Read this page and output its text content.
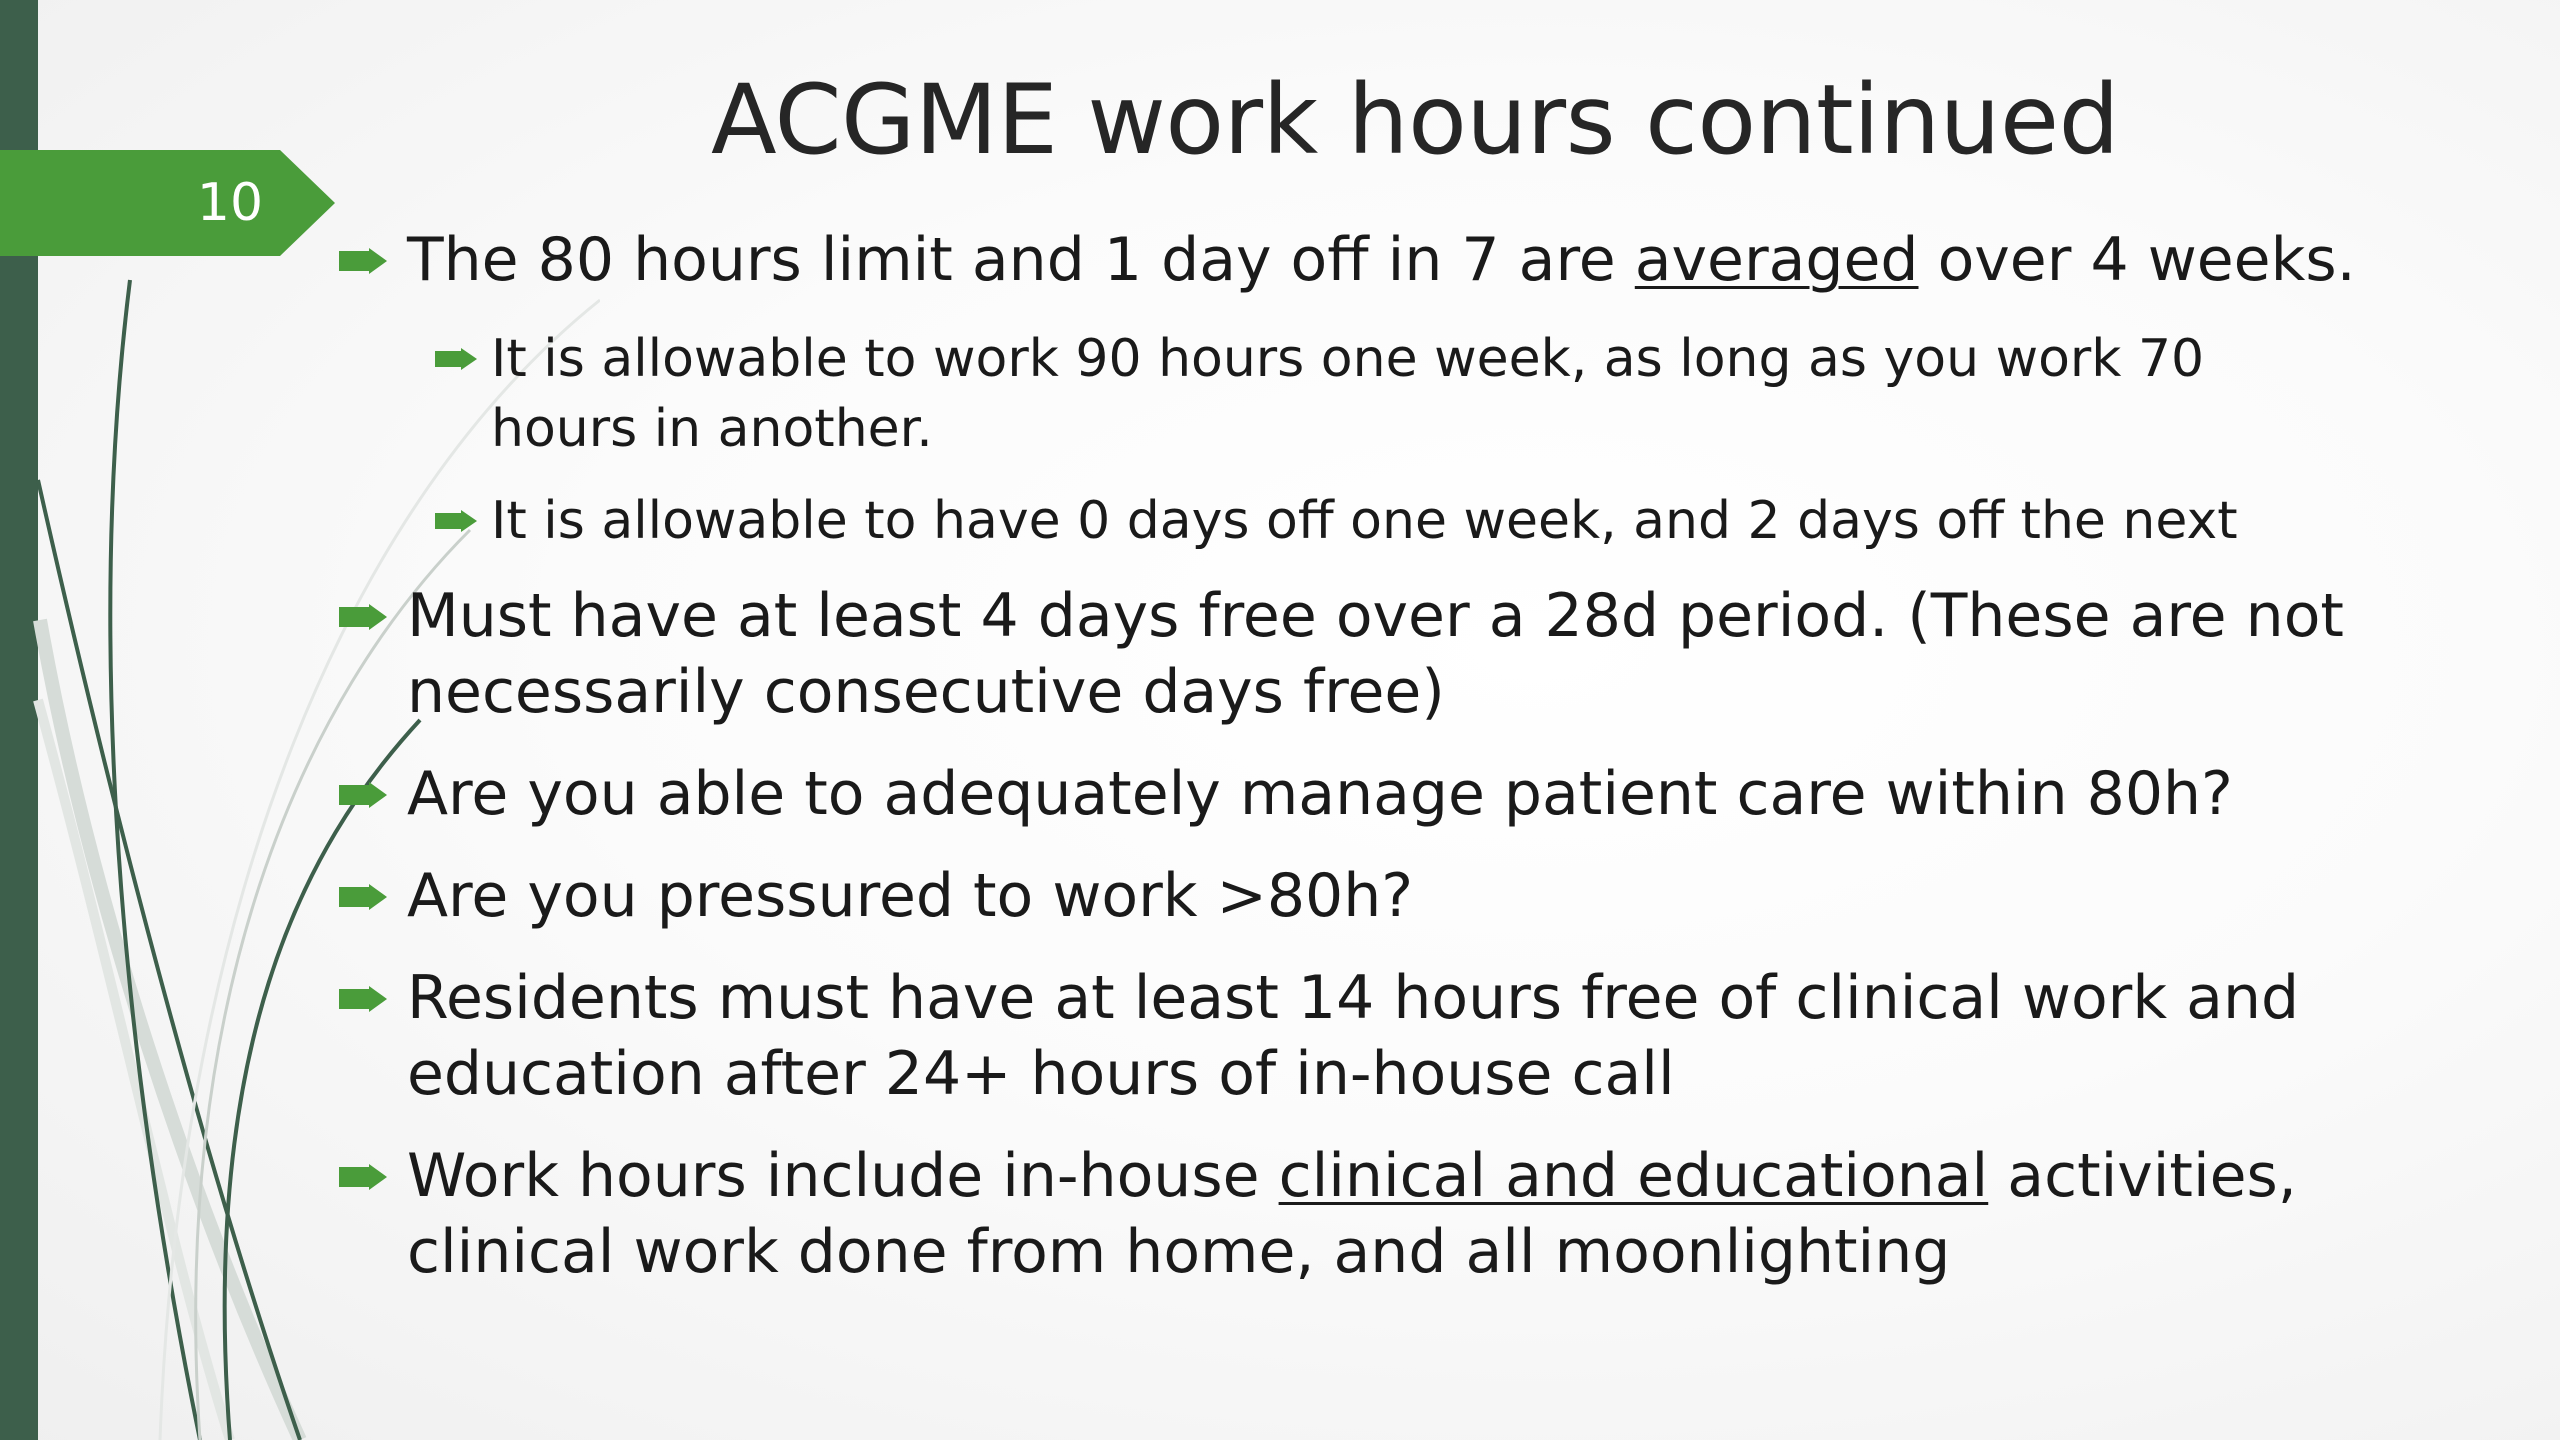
10
ACGME work hours continued

The 80 hours limit and 1 day off in 7 are averaged over 4 weeks.

It is allowable to work 90 hours one week, as long as you work 70 hours in another.

It is allowable to have 0 days off one week, and 2 days off the next

Must have at least 4 days free over a 28d period. (These are not necessarily consecutive days free)

Are you able to adequately manage patient care within 80h?

Are you pressured to work >80h?

Residents must have at least 14 hours free of clinical work and education after 24+ hours of in-house call

Work hours include in-house clinical and educational activities, clinical work done from home, and all moonlighting
